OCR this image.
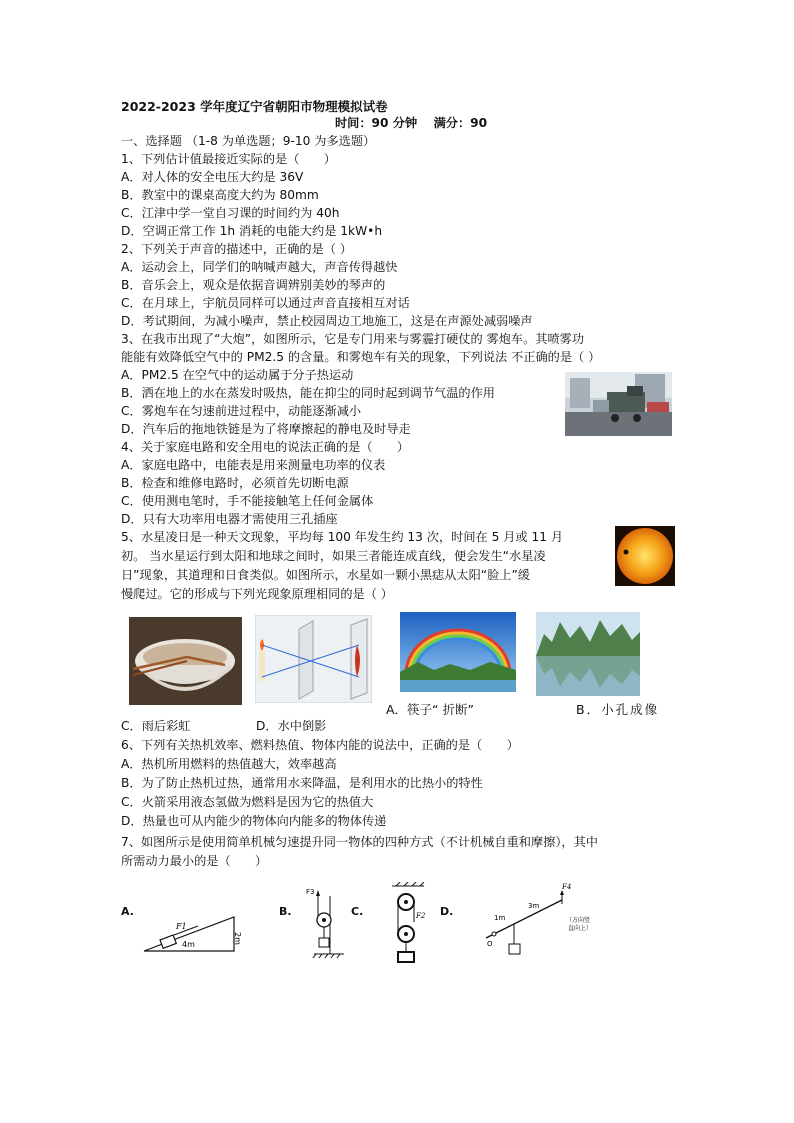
2022-2023 学年度辽宁省朝阳市物理模拟试卷
时间：90 分钟　 满分：90
一、选择题 （1-8 为单选题；9-10 为多选题）
1、下列估计值最接近实际的是（　　）
A．对人体的安全电压大约是 36V
B．教室中的课桌高度大约为 80mm
C．江津中学一堂自习课的时间约为 40h
D．空调正常工作 1h 消耗的电能大约是 1kW•h
2、下列关于声音的描述中，正确的是（ ）
A．运动会上，同学们的呐喊声越大，声音传得越快
B．音乐会上，观众是依据音调辨别美妙的琴声的
C．在月球上，宇航员同样可以通过声音直接相互对话
D．考试期间，为减小噪声，禁止校园周边工地施工，这是在声源处减弱噪声
3、在我市出现了“大炮”，如图所示，它是专门用来与雾霾打硬仗的 雾炮车。其喷雾功
能能有效降低空气中的 PM2.5 的含量。和雾炮车有关的现象，下列说法 不正确的是（ ）
A．PM2.5 在空气中的运动属于分子热运动
B．洒在地上的水在蒸发时吸热，能在抑尘的同时起到调节气温的作用
C．雾炮车在匀速前进过程中，动能逐渐减小
D．汽车后的拖地铁链是为了将摩擦起的静电及时导走
4、关于家庭电路和安全用电的说法正确的是（　　）
A．家庭电路中，电能表是用来测量电功率的仪表
B．检查和维修电路时，必须首先切断电源
C．使用测电笔时，手不能接触笔上任何金属体
D．只有大功率用电器才需使用三孔插座
5、水星凌日是一种天文现象，平均每 100 年发生约 13 次，时间在 5 月或 11 月
初。 当水星运行到太阳和地球之间时，如果三者能连成直线，便会发生“水星凌
日”现象，其道理和日食类似。如图所示，水星如一颗小黑痣从太阳“脸上”缓
慢爬过。它的形成与下列光现象原理相同的是（ ）
A．筷子“ 折断”	B．小孔成像
C．雨后彩虹	D．水中倒影
6、下列有关热机效率、燃料热值、物体内能的说法中，正确的是（　　）
A．热机所用燃料的热值越大，效率越高
B．为了防止热机过热，通常用水来降温，是利用水的比热小的特性
C．火箭采用液态氢做为燃料是因为它的热值大
D．热量也可从内能少的物体向内能多的物体传递
7、如图所示是使用简单机械匀速提升同一物体的四种方式（不计机械自重和摩擦），其中
所需动力最小的是（　　）
A.	B.	C.	D.
F1
4m	2m
F3
F2
F4
O
1m
3m
（方向竖
直向上）
